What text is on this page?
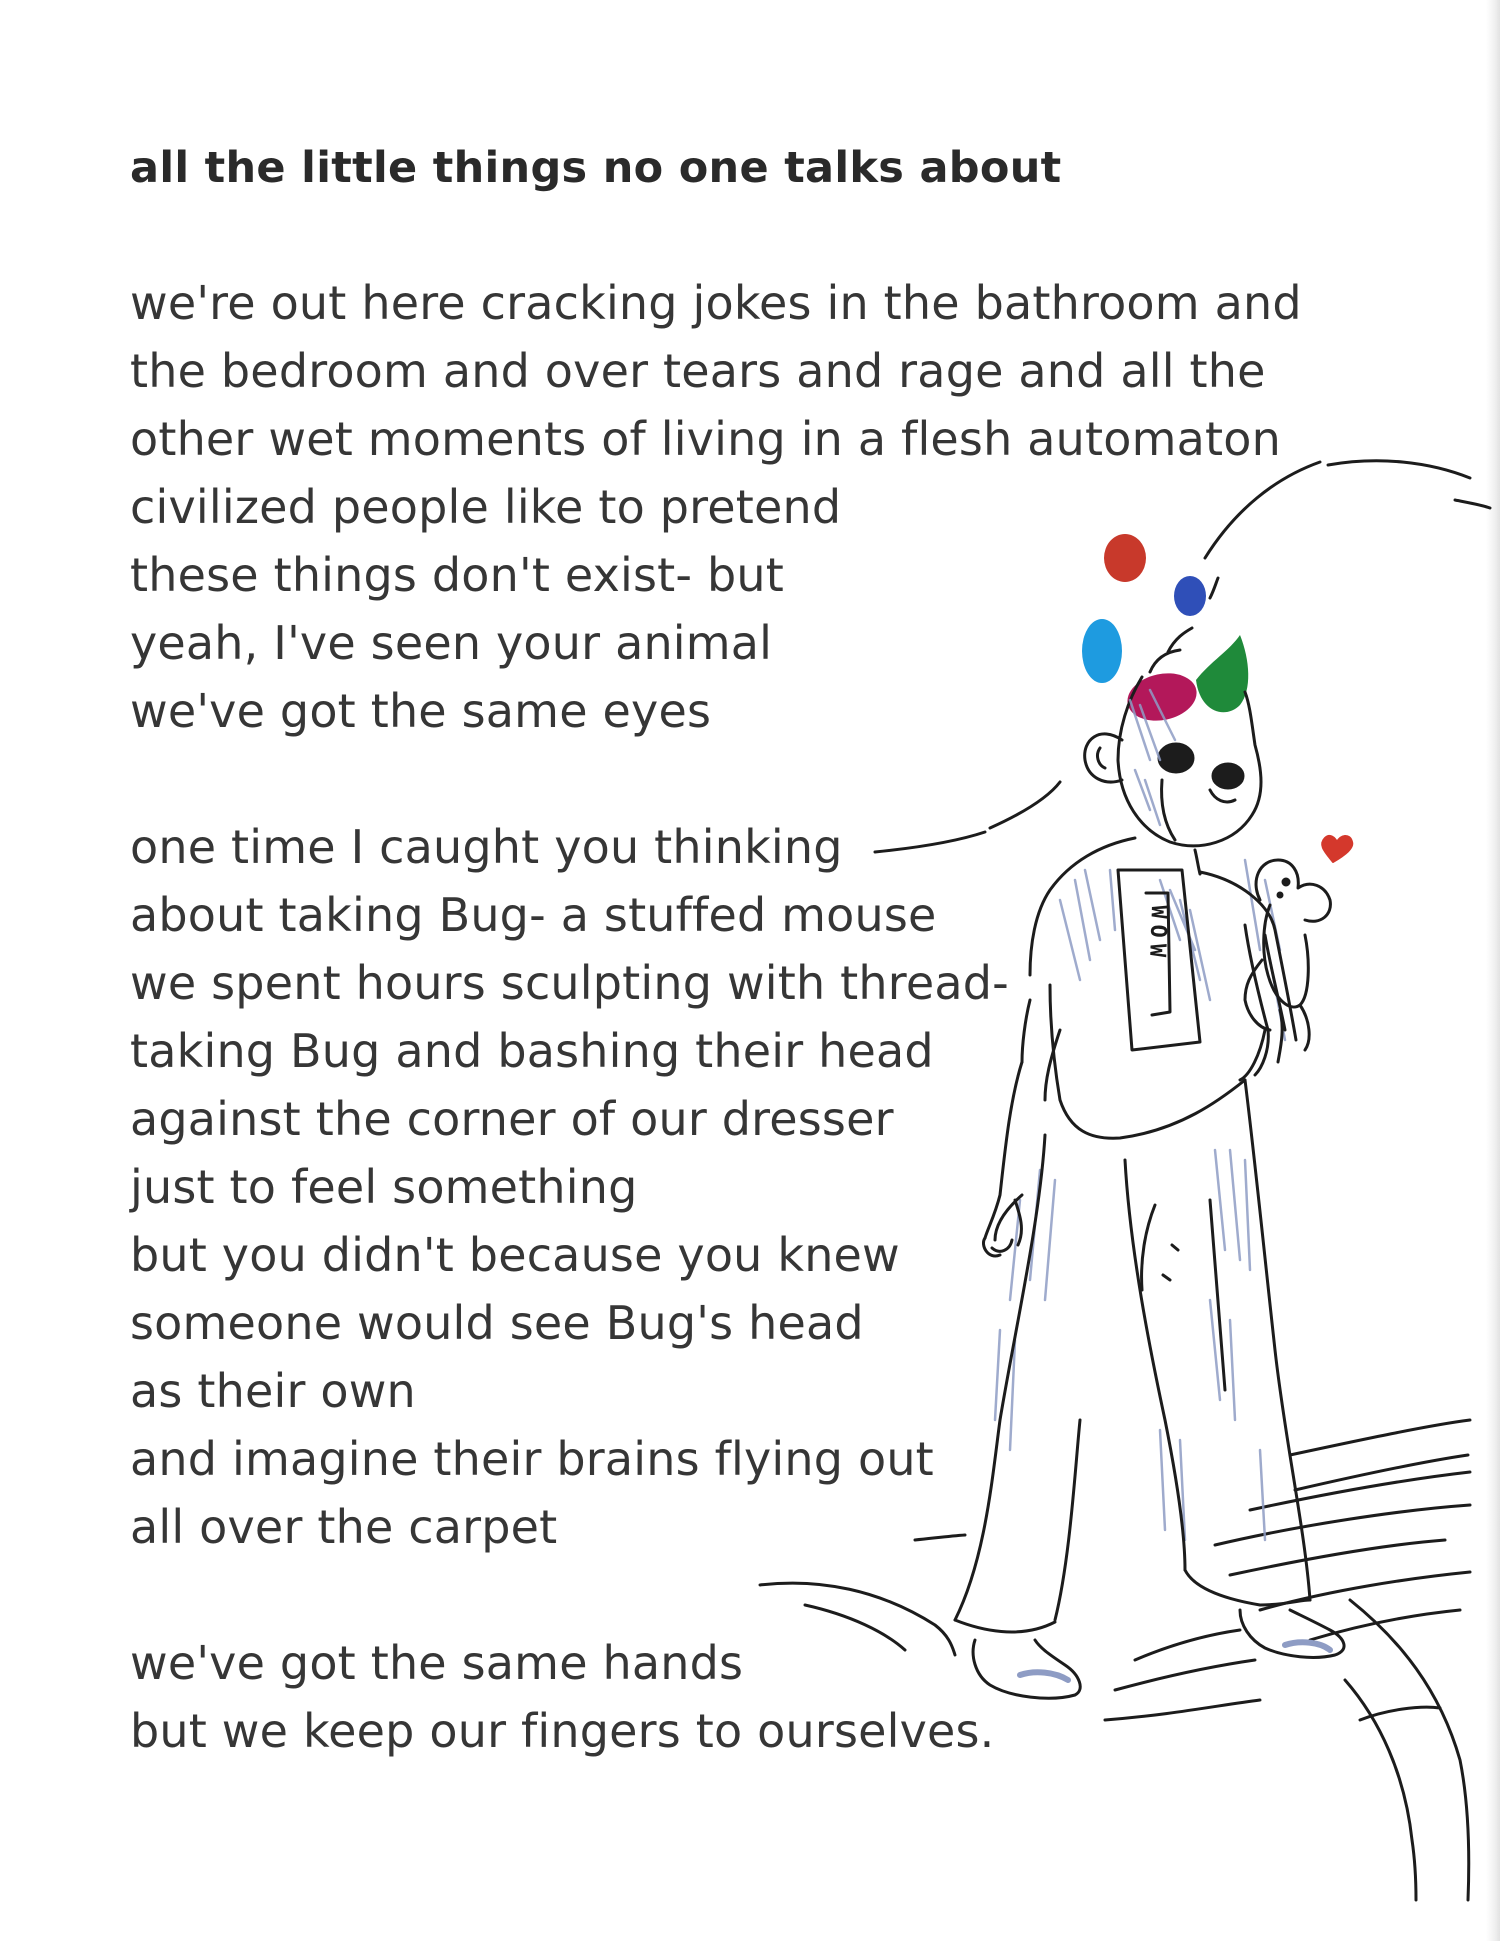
all the little things no one talks about
we're out here cracking jokes in the bathroom and
the bedroom and over tears and rage and all the
other wet moments of living in a flesh automaton
civilized people like to pretend
these things don't exist- but
yeah, I've seen your animal
we've got the same eyes
one time I caught you thinking
about taking Bug- a stuffed mouse
we spent hours sculpting with thread-
taking Bug and bashing their head
against the corner of our dresser
just to feel something
but you didn't because you knew
someone would see Bug's head
as their own
and imagine their brains flying out
all over the carpet
we've got the same hands
but we keep our fingers to ourselves.
WOW
